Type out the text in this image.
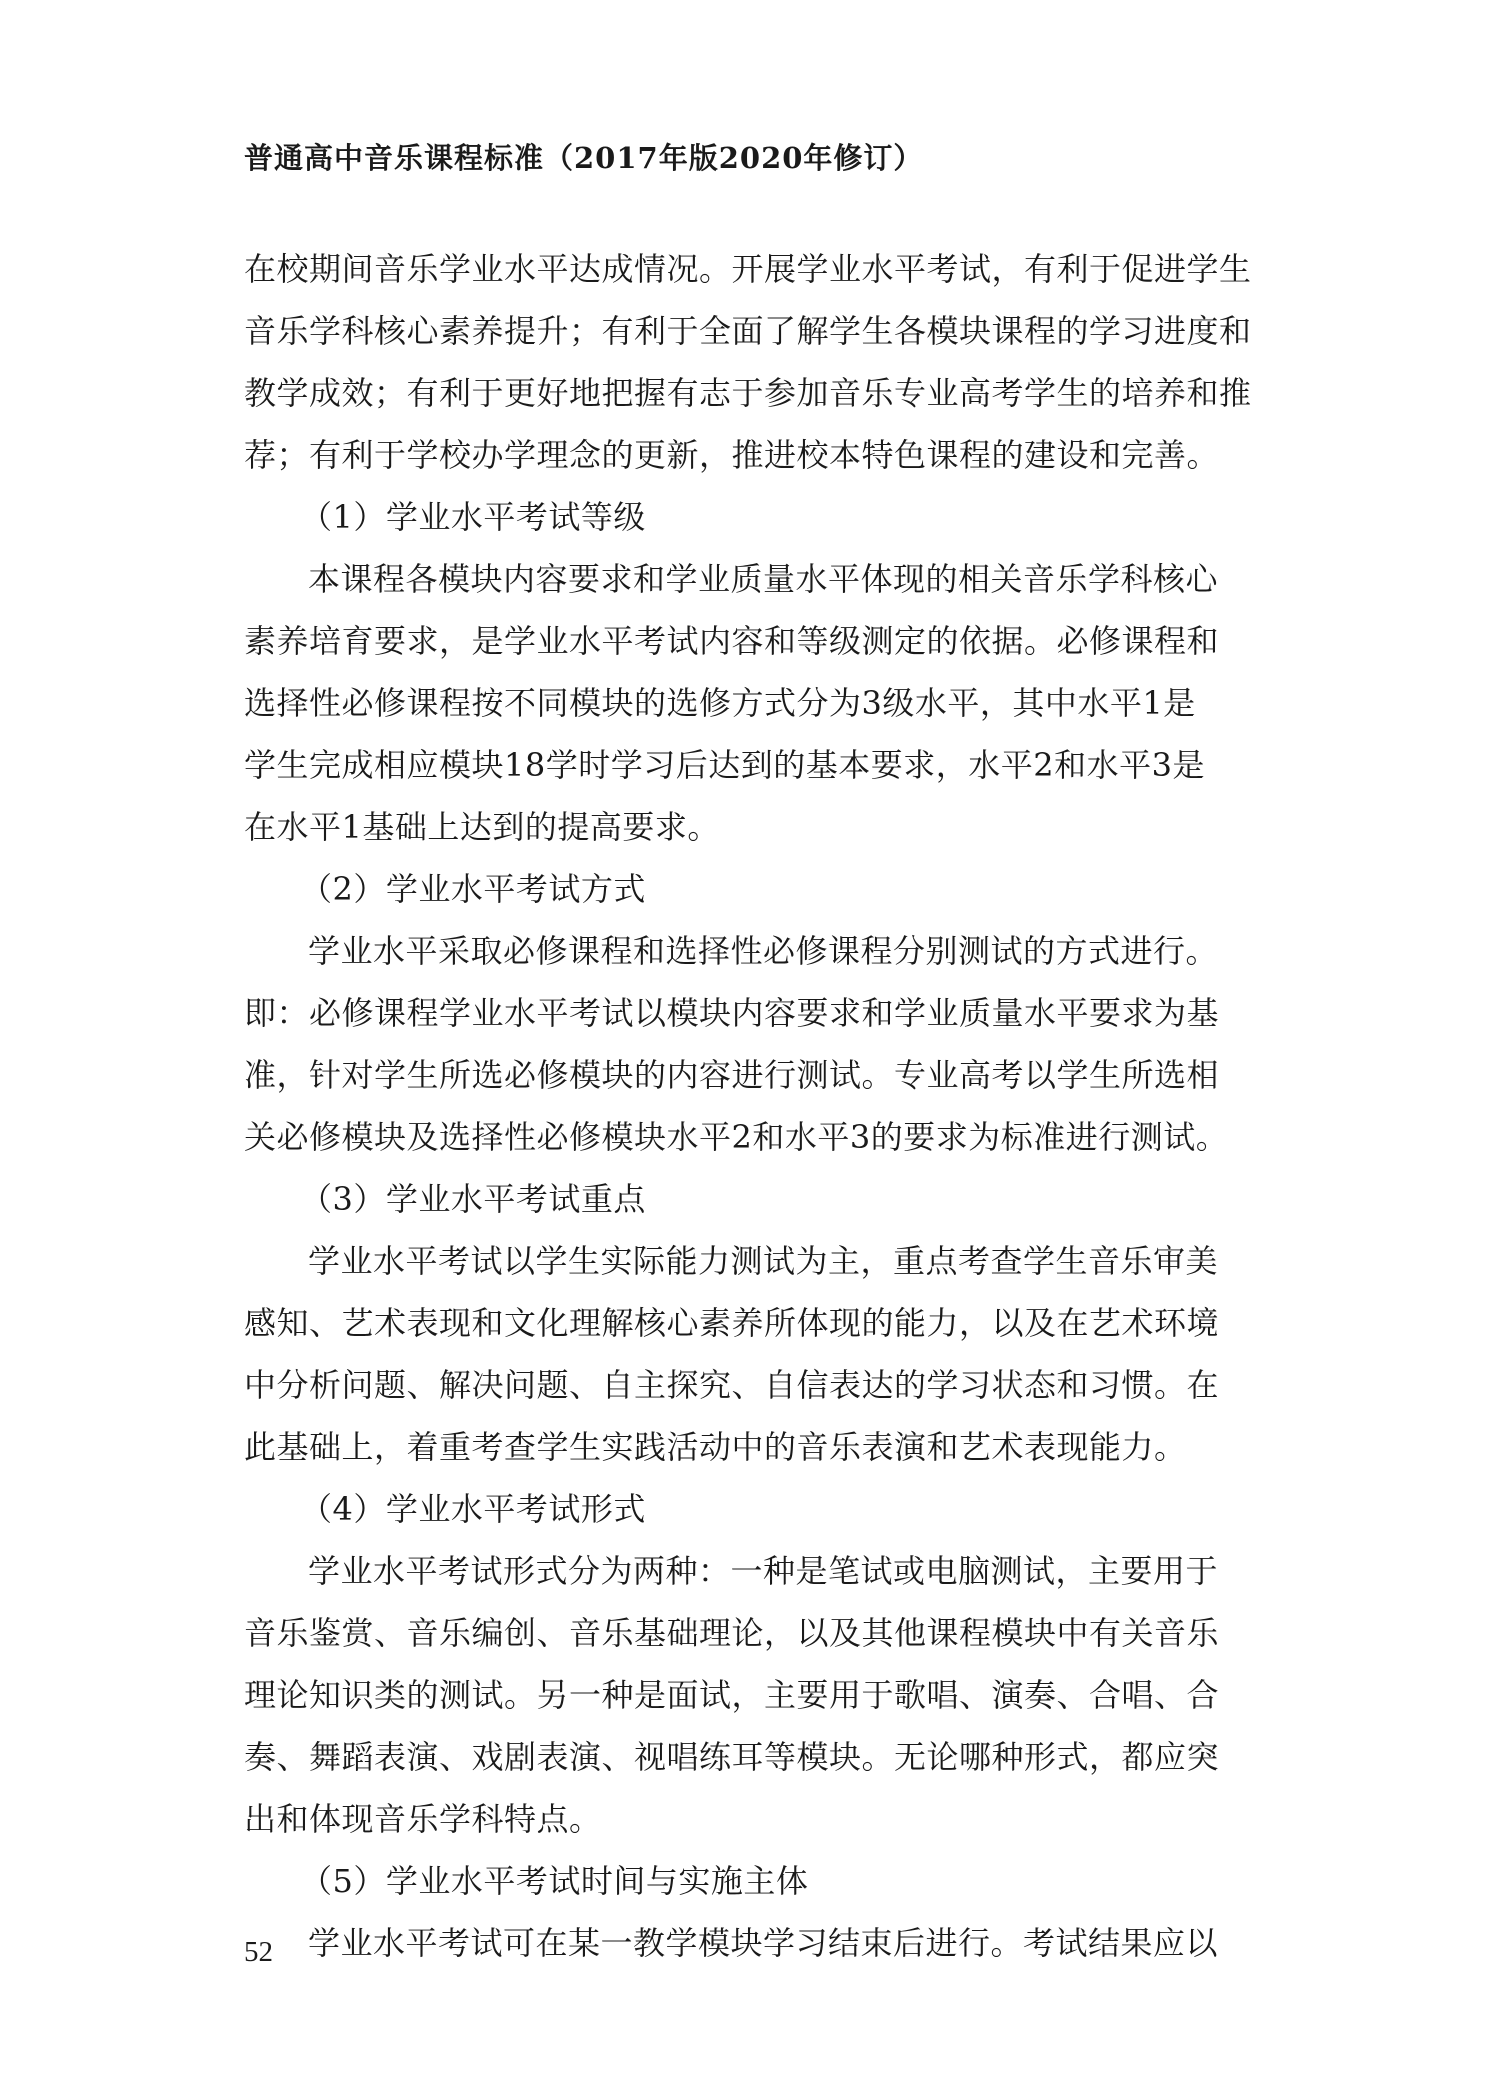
普通高中音乐课程标准（2017年版2020年修订）
在校期间音乐学业水平达成情况。开展学业水平考试，有利于促进学生
音乐学科核心素养提升；有利于全面了解学生各模块课程的学习进度和
教学成效；有利于更好地把握有志于参加音乐专业高考学生的培养和推
荐；有利于学校办学理念的更新，推进校本特色课程的建设和完善。
（1）学业水平考试等级
本课程各模块内容要求和学业质量水平体现的相关音乐学科核心
素养培育要求，是学业水平考试内容和等级测定的依据。必修课程和
选择性必修课程按不同模块的选修方式分为3级水平，其中水平1是
学生完成相应模块18学时学习后达到的基本要求，水平2和水平3是
在水平1基础上达到的提高要求。
（2）学业水平考试方式
学业水平采取必修课程和选择性必修课程分别测试的方式进行。
即：必修课程学业水平考试以模块内容要求和学业质量水平要求为基
准，针对学生所选必修模块的内容进行测试。专业高考以学生所选相
关必修模块及选择性必修模块水平2和水平3的要求为标准进行测试。
（3）学业水平考试重点
学业水平考试以学生实际能力测试为主，重点考查学生音乐审美
感知、艺术表现和文化理解核心素养所体现的能力，以及在艺术环境
中分析问题、解决问题、自主探究、自信表达的学习状态和习惯。在
此基础上，着重考查学生实践活动中的音乐表演和艺术表现能力。
（4）学业水平考试形式
学业水平考试形式分为两种：一种是笔试或电脑测试，主要用于
音乐鉴赏、音乐编创、音乐基础理论，以及其他课程模块中有关音乐
理论知识类的测试。另一种是面试，主要用于歌唱、演奏、合唱、合
奏、舞蹈表演、戏剧表演、视唱练耳等模块。无论哪种形式，都应突
出和体现音乐学科特点。
（5）学业水平考试时间与实施主体
学业水平考试可在某一教学模块学习结束后进行。考试结果应以
52
